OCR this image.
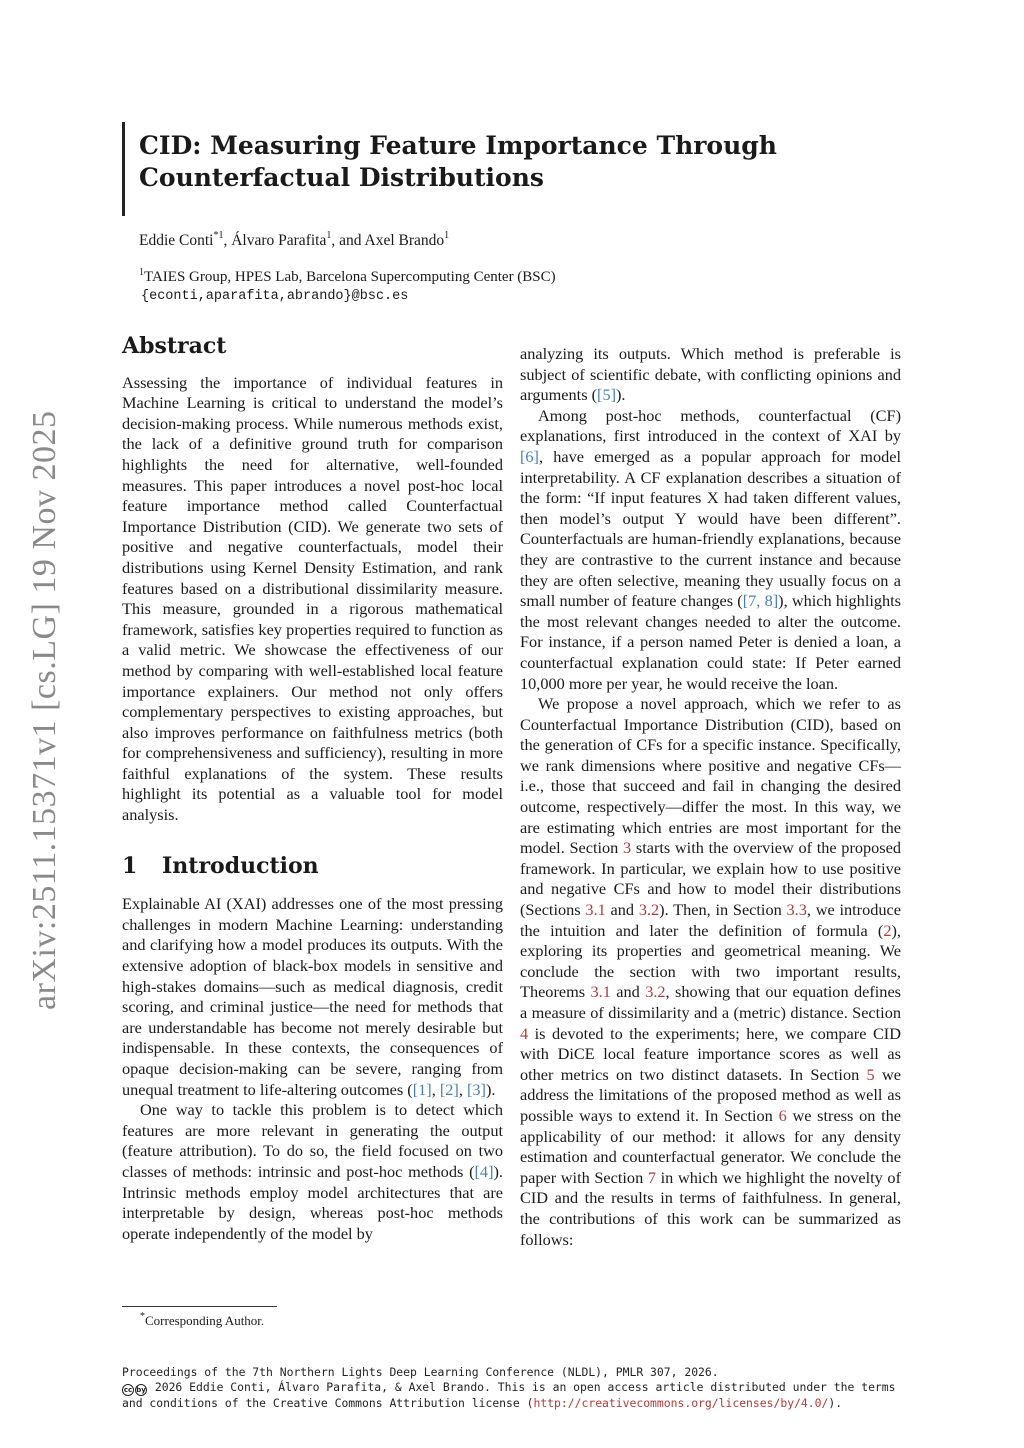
arXiv:2511.15371v1 [cs.LG] 19 Nov 2025
CID: Measuring Feature Importance Through Counterfactual Distributions
Eddie Conti$^{*1}$, Álvaro Parafita$^1$, and Axel Brando$^1$
$^1$TAIES Group, HPES Lab, Barcelona Supercomputing Center (BSC)
{econti,aparafita,abrando}@bsc.es
Abstract

Assessing the importance of individual features in Machine Learning is critical to understand the model’s decision-making process. While numerous methods exist, the lack of a definitive ground truth for comparison highlights the need for alternative, well-founded measures. This paper introduces a novel post-hoc local feature importance method called Counterfactual Importance Distribution (CID). We generate two sets of positive and negative counterfactuals, model their distributions using Kernel Density Estimation, and rank features based on a distributional dissimilarity measure. This measure, grounded in a rigorous mathematical framework, satisfies key properties required to function as a valid metric. We showcase the effectiveness of our method by comparing with well-established local feature importance explainers. Our method not only offers complementary perspectives to existing approaches, but also improves performance on faithfulness metrics (both for comprehensiveness and sufficiency), resulting in more faithful explanations of the system. These results highlight its potential as a valuable tool for model analysis.

1 Introduction

Explainable AI (XAI) addresses one of the most pressing challenges in modern Machine Learning: understanding and clarifying how a model produces its outputs. With the extensive adoption of black-box models in sensitive and high-stakes domains—such as medical diagnosis, credit scoring, and criminal justice—the need for methods that are understandable has become not merely desirable but indispensable. In these contexts, the consequences of opaque decision-making can be severe, ranging from unequal treatment to life-altering outcomes ([1], [2], [3]).

One way to tackle this problem is to detect which features are more relevant in generating the output (feature attribution). To do so, the field focused on two classes of methods: intrinsic and post-hoc methods ([4]). Intrinsic methods employ model architectures that are interpretable by design, whereas post-hoc methods operate independently of the model by

*Corresponding Author.

analyzing its outputs. Which method is preferable is subject of scientific debate, with conflicting opinions and arguments ([5]).

Among post-hoc methods, counterfactual (CF) explanations, first introduced in the context of XAI by [6], have emerged as a popular approach for model interpretability. A CF explanation describes a situation of the form: “If input features X had taken different values, then model’s output Y would have been different”. Counterfactuals are human-friendly explanations, because they are contrastive to the current instance and because they are often selective, meaning they usually focus on a small number of feature changes ([7, 8]), which highlights the most relevant changes needed to alter the outcome. For instance, if a person named Peter is denied a loan, a counterfactual explanation could state: If Peter earned 10,000 more per year, he would receive the loan.

We propose a novel approach, which we refer to as Counterfactual Importance Distribution (CID), based on the generation of CFs for a specific instance. Specifically, we rank dimensions where positive and negative CFs—i.e., those that succeed and fail in changing the desired outcome, respectively—differ the most. In this way, we are estimating which entries are most important for the model. Section 3 starts with the overview of the proposed framework. In particular, we explain how to use positive and negative CFs and how to model their distributions (Sections 3.1 and 3.2). Then, in Section 3.3, we introduce the intuition and later the definition of formula (2), exploring its properties and geometrical meaning. We conclude the section with two important results, Theorems 3.1 and 3.2, showing that our equation defines a measure of dissimilarity and a (metric) distance. Section 4 is devoted to the experiments; here, we compare CID with DiCE local feature importance scores as well as other metrics on two distinct datasets. In Section 5 we address the limitations of the proposed method as well as possible ways to extend it. In Section 6 we stress on the applicability of our method: it allows for any density estimation and counterfactual generator. We conclude the paper with Section 7 in which we highlight the novelty of CID and the results in terms of faithfulness. In general, the contributions of this work can be summarized as follows:

Proceedings of the 7th Northern Lights Deep Learning Conference (NLDL), PMLR 307, 2026.

cc by 2026 Eddie Conti, Álvaro Parafita, & Axel Brando. This is an open access article distributed under the terms and conditions of the Creative Commons Attribution license (http://creativecommons.org/licenses/by/4.0/).
